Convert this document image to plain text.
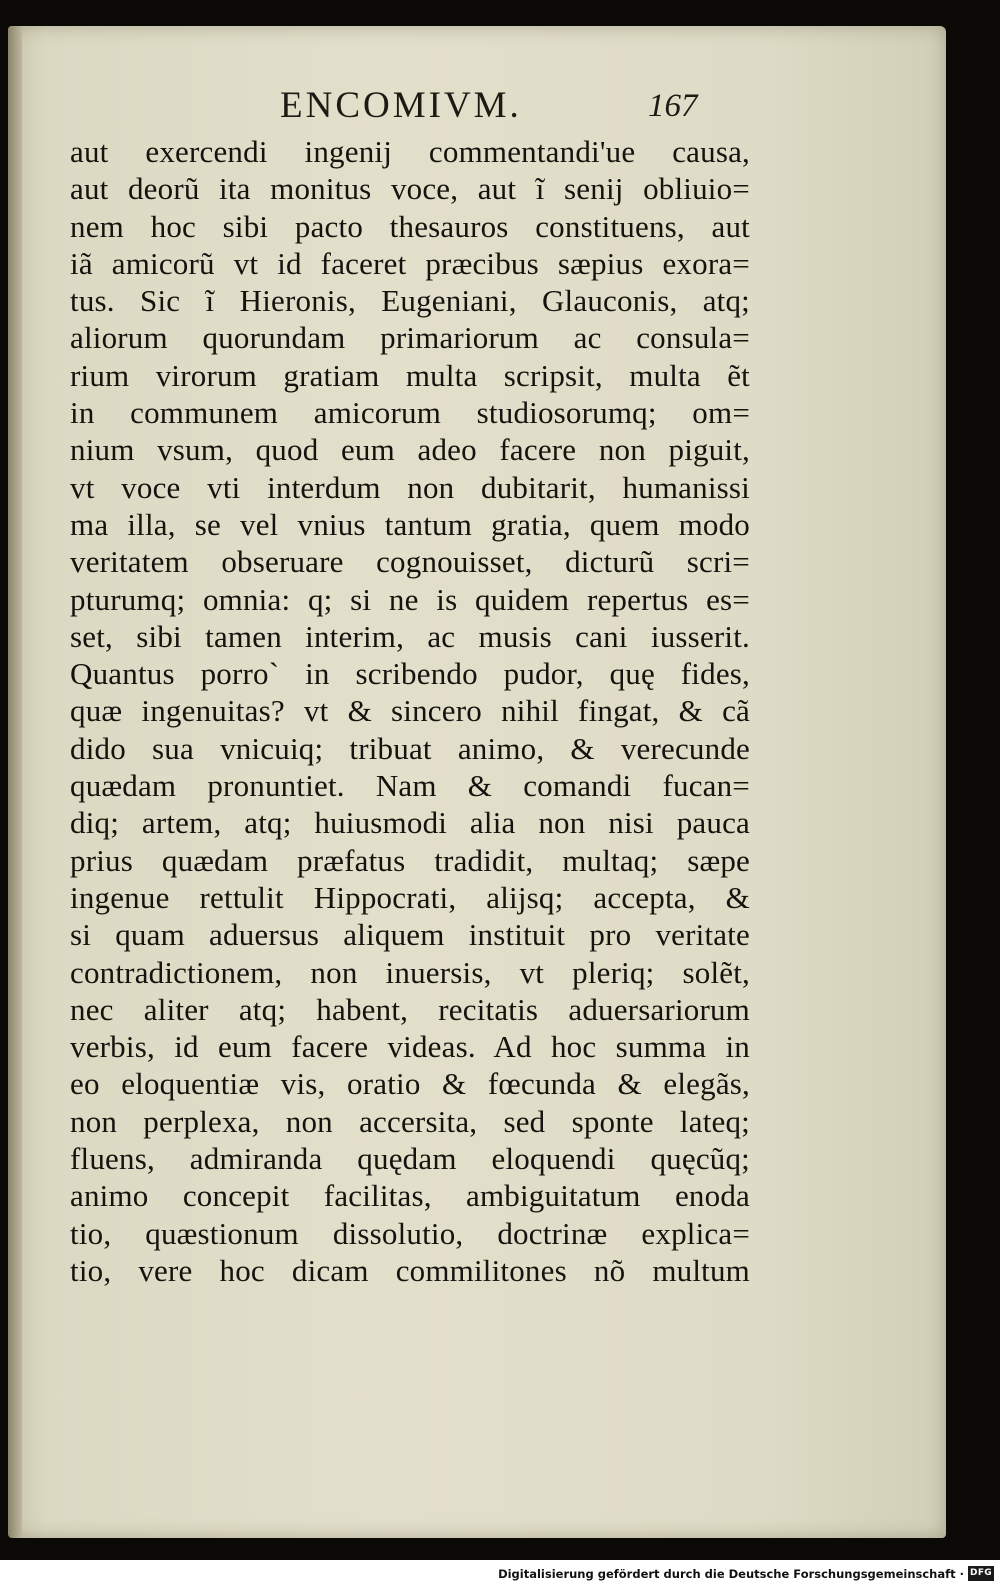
ENCOMIVM.	167
aut exercendi ingenij commentandi'ue causa,
aut deorũ ita monitus voce, aut ĩ senij obliuio=
nem hoc sibi pacto thesauros constituens, aut
iã amicorũ vt id faceret præcibus sæpius exora=
tus. Sic ĩ Hieronis, Eugeniani, Glauconis, atq;
aliorum quorundam primariorum ac consula=
rium virorum gratiam multa scripsit, multa ẽt
in communem amicorum studiosorumq; om=
nium vsum, quod eum adeo facere non piguit,
vt voce vti interdum non dubitarit, humanissi
ma illa, se vel vnius tantum gratia, quem modo
veritatem obseruare cognouisset, dicturũ scri=
pturumq; omnia: q; si ne is quidem repertus es=
set, sibi tamen interim, ac musis cani iusserit.
Quantus porro` in scribendo pudor, quę fides,
quæ ingenuitas? vt & sincero nihil fingat, & cã
dido sua vnicuiq; tribuat animo, & verecunde
quædam pronuntiet. Nam & comandi fucan=
diq; artem, atq; huiusmodi alia non nisi pauca
prius quædam præfatus tradidit, multaq; sæpe
ingenue rettulit Hippocrati, alijsq; accepta, &
si quam aduersus aliquem instituit pro veritate
contradictionem, non inuersis, vt pleriq; solẽt,
nec aliter atq; habent, recitatis aduersariorum
verbis, id eum facere videas. Ad hoc summa in
eo eloquentiæ vis, oratio & fœcunda & elegãs,
non perplexa, non accersita, sed sponte lateq;
fluens, admiranda quędam eloquendi quęcũq;
animo concepit facilitas, ambiguitatum enoda
tio, quæstionum dissolutio, doctrinæ explica=
tio, vere hoc dicam commilitones nõ multum
Digitalisierung gefördert durch die Deutsche Forschungsgemeinschaft · DFG
